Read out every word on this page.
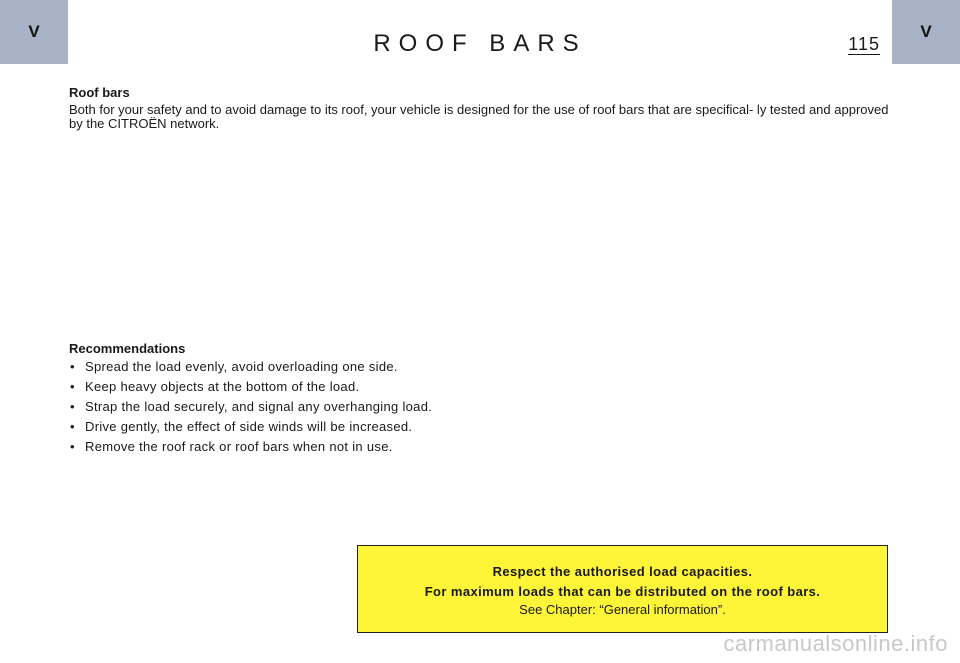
V	ROOF BARS	115
V
Roof bars

Both for your safety and to avoid damage to its roof, your vehicle is designed for the use of roof bars that are specifical- ly tested and approved by the CITROËN network.

Recommendations
• Spread the load evenly, avoid overloading one side.
• Keep heavy objects at the bottom of the load.
• Strap the load securely, and signal any overhanging load.
• Drive gently, the effect of side winds will be increased.
• Remove the roof rack or roof bars when not in use.
Respect the authorised load capacities.
For maximum loads that can be distributed on the roof bars.
See Chapter: “General information”.
carmanualsonline.info
